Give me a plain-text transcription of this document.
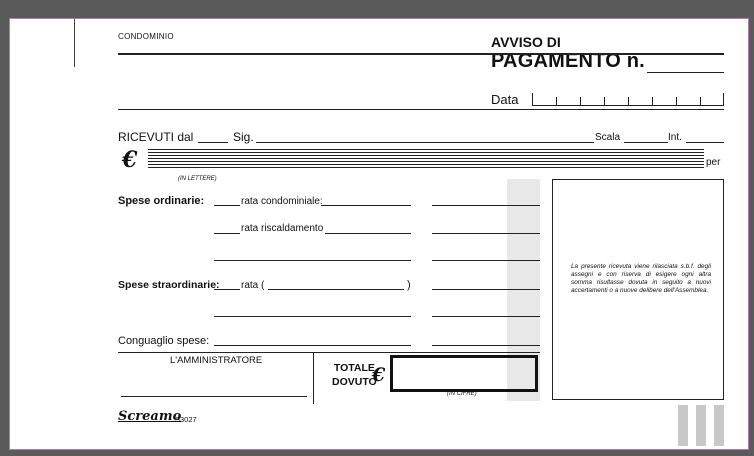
CONDOMINIO	AVVISO DI
PAGAMENTO n.
Data
RICEVUTI dal	Sig.	Scala	Int.
€	per
(IN LETTERE)
La presente ricevuta viene rilasciata s.b.f. degli assegni e con riserva di esigere ogni altra somma risultasse dovuta in seguito a nuovi accertamenti o a nuove delibere dell'Assemblea.
Spese ordinarie:	rata condominiale:
rata riscaldamento
Spese straordinarie: rata (	)
Conguaglio spese:
L'AMMINISTRATORE
TOTALE
DOVUTO
€
(IN CIFRE)
Screamo
S3027
